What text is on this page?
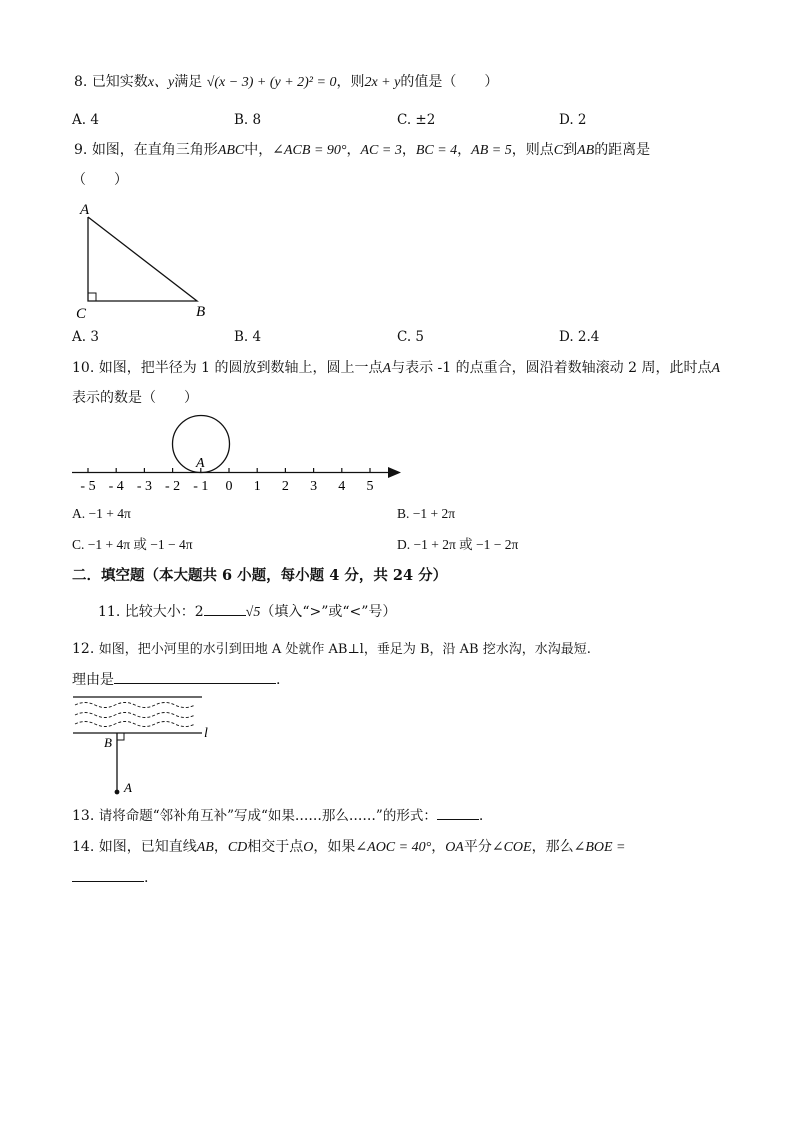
8. 已知实数x、y满足 √(x − 3) + (y + 2)² = 0，则2x + y的值是（　　）
A. 4	B. 8	C. ±2	D. 2
9. 如图，在直角三角形ABC中，∠ACB = 90°，AC = 3，BC = 4，AB = 5，则点C到AB的距离是
（　　）
A
C	B
A. 3	B. 4	C. 5	D. 2.4
10. 如图，把半径为 1 的圆放到数轴上，圆上一点A与表示 -1 的点重合，圆沿着数轴滚动 2 周，此时点A
表示的数是（　　）
A
- 5 - 4 - 3 - 2 - 1 0 1 2 3 4 5
A. −1 + 4π	B. −1 + 2π
C. −1 + 4π 或 −1 − 4π	D. −1 + 2π 或 −1 − 2π
二．填空题（本大题共 6 小题，每小题 4 分，共 24 分）
11. 比较大小：2	√5（填入“>”或“<”号）
12. 如图，把小河里的水引到田地 A 处就作 AB⊥l，垂足为 B，沿 AB 挖水沟，水沟最短.
理由是	.
l
B
A
13. 请将命题“邻补角互补”写成“如果……那么……”的形式：	.
14. 如图，已知直线AB，CD相交于点O，如果∠AOC = 40°，OA平分∠COE，那么∠BOE =
.
